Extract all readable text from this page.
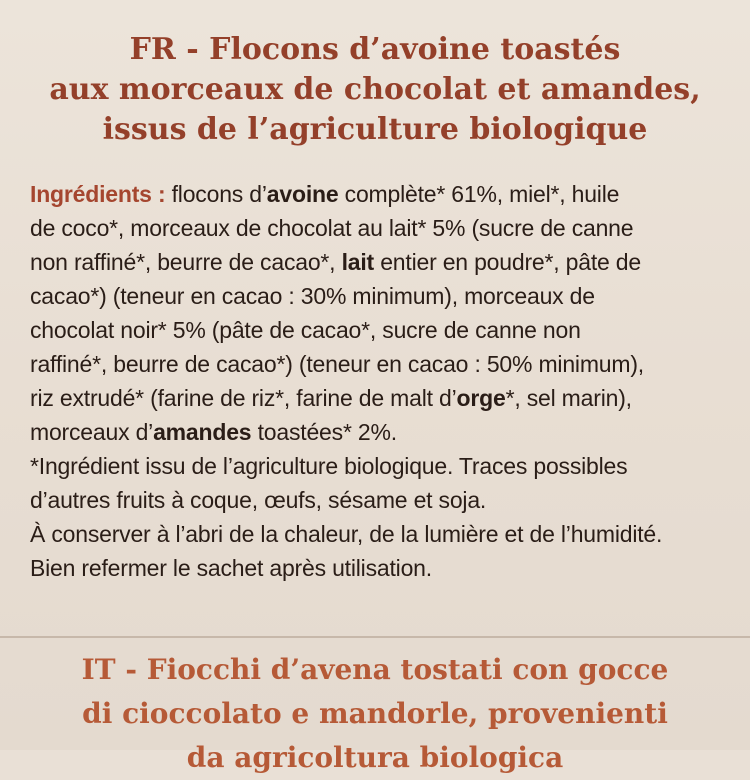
FR - Flocons d’avoine toastés
aux morceaux de chocolat et amandes,
issus de l’agriculture biologique
Ingrédients : flocons d’avoine complète* 61%, miel*, huile
de coco*, morceaux de chocolat au lait* 5% (sucre de canne
non raffiné*, beurre de cacao*, lait entier en poudre*, pâte de
cacao*) (teneur en cacao : 30% minimum), morceaux de
chocolat noir* 5% (pâte de cacao*, sucre de canne non
raffiné*, beurre de cacao*) (teneur en cacao : 50% minimum),
riz extrudé* (farine de riz*, farine de malt d’orge*, sel marin),
morceaux d’amandes toastées* 2%.
*Ingrédient issu de l’agriculture biologique. Traces possibles
d’autres fruits à coque, œufs, sésame et soja.
À conserver à l’abri de la chaleur, de la lumière et de l’humidité.
Bien refermer le sachet après utilisation.
IT - Fiocchi d’avena tostati con gocce
di cioccolato e mandorle, provenienti
da agricoltura biologica
